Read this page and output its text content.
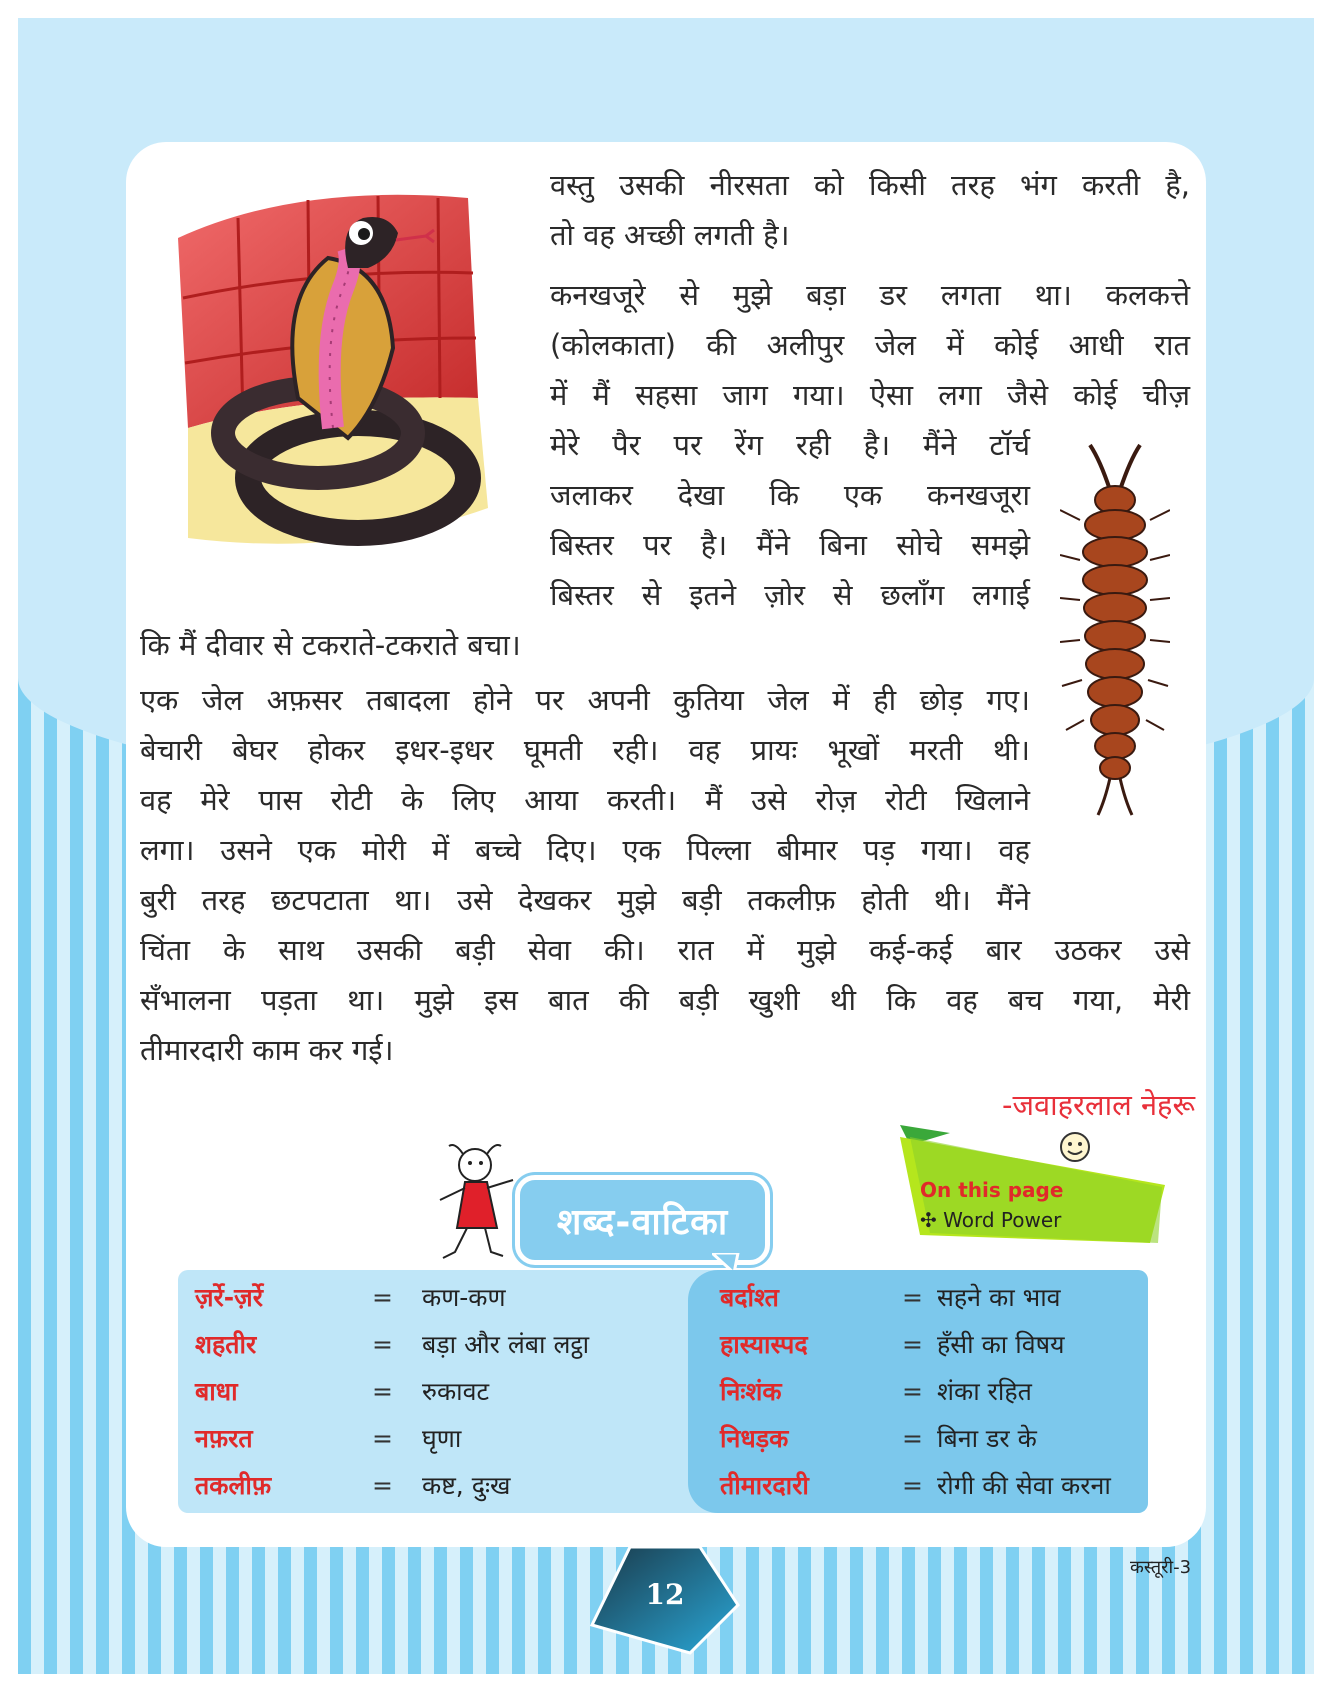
वस्तु उसकी नीरसता को किसी तरह भंग करती है,

तो वह अच्छी लगती है।

कनखजूरे से मुझे बड़ा डर लगता था। कलकत्ते

(कोलकाता) की अलीपुर जेल में कोई आधी रात

में मैं सहसा जाग गया। ऐसा लगा जैसे कोई चीज़

मेरे पैर पर रेंग रही है। मैंने टॉर्च

जलाकर देखा कि एक कनखजूरा

बिस्तर पर है। मैंने बिना सोचे समझे

बिस्तर से इतने ज़ोर से छलाँग लगाई

कि मैं दीवार से टकराते-टकराते बचा।

एक जेल अफ़सर तबादला होने पर अपनी कुतिया जेल में ही छोड़ गए।

बेचारी बेघर होकर इधर-इधर घूमती रही। वह प्रायः भूखों मरती थी।

वह मेरे पास रोटी के लिए आया करती। मैं उसे रोज़ रोटी खिलाने

लगा। उसने एक मोरी में बच्चे दिए। एक पिल्ला बीमार पड़ गया। वह

बुरी तरह छटपटाता था। उसे देखकर मुझे बड़ी तकलीफ़ होती थी। मैंने

चिंता के साथ उसकी बड़ी सेवा की। रात में मुझे कई-कई बार उठकर उसे

सँभालना पड़ता था। मुझे इस बात की बड़ी खुशी थी कि वह बच गया, मेरी

तीमारदारी काम कर गई।

-जवाहरलाल नेहरू
On this page
✣ Word Power
शब्द-वाटिका
ज़र्रे-ज़र्रे	= कण-कण
शहतीर	= बड़ा और लंबा लट्ठा
बाधा	= रुकावट
नफ़रत	= घृणा
तकलीफ़	= कष्ट, दुःख
बर्दाश्त	= सहने का भाव
हास्यास्पद	= हँसी का विषय
निःशंक	= शंका रहित
निधड़क	= बिना डर के
तीमारदारी	= रोगी की सेवा करना
12
कस्तूरी-3
